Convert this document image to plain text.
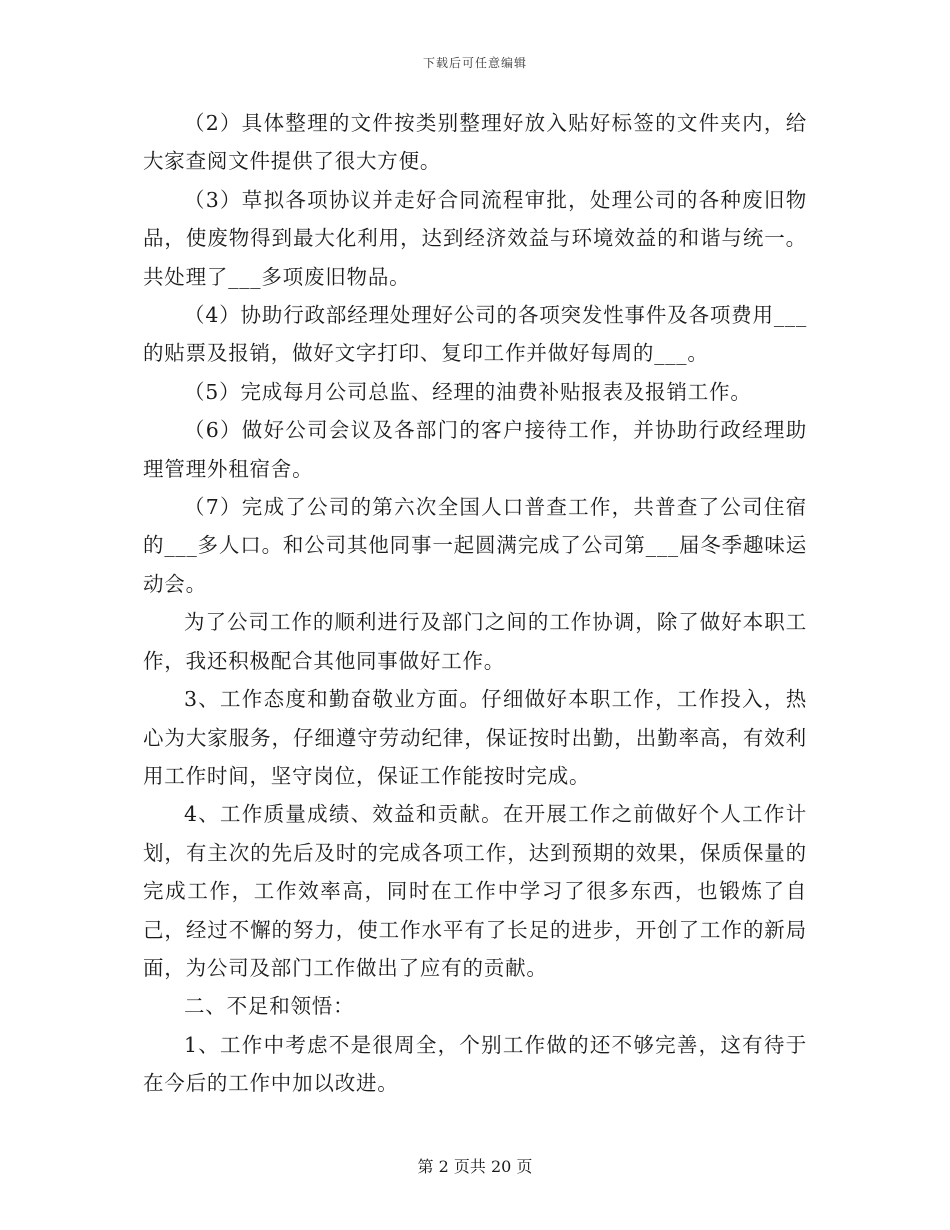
下载后可任意编辑

（2）具体整理的文件按类别整理好放入贴好标签的文件夹内，给大家查阅文件提供了很大方便。

（3）草拟各项协议并走好合同流程审批，处理公司的各种废旧物品，使废物得到最大化利用，达到经济效益与环境效益的和谐与统一。共处理了___多项废旧物品。

（4）协助行政部经理处理好公司的各项突发性事件及各项费用___的贴票及报销，做好文字打印、复印工作并做好每周的___。

（5）完成每月公司总监、经理的油费补贴报表及报销工作。

（6）做好公司会议及各部门的客户接待工作，并协助行政经理助理管理外租宿舍。

（7）完成了公司的第六次全国人口普查工作，共普查了公司住宿的___多人口。和公司其他同事一起圆满完成了公司第___届冬季趣味运动会。

为了公司工作的顺利进行及部门之间的工作协调，除了做好本职工作，我还积极配合其他同事做好工作。

3、工作态度和勤奋敬业方面。仔细做好本职工作，工作投入，热心为大家服务，仔细遵守劳动纪律，保证按时出勤，出勤率高，有效利用工作时间，坚守岗位，保证工作能按时完成。

4、工作质量成绩、效益和贡献。在开展工作之前做好个人工作计划，有主次的先后及时的完成各项工作，达到预期的效果，保质保量的完成工作，工作效率高，同时在工作中学习了很多东西，也锻炼了自己，经过不懈的努力，使工作水平有了长足的进步，开创了工作的新局面，为公司及部门工作做出了应有的贡献。

二、不足和领悟：

1、工作中考虑不是很周全，个别工作做的还不够完善，这有待于在今后的工作中加以改进。

第 2 页共 20 页
